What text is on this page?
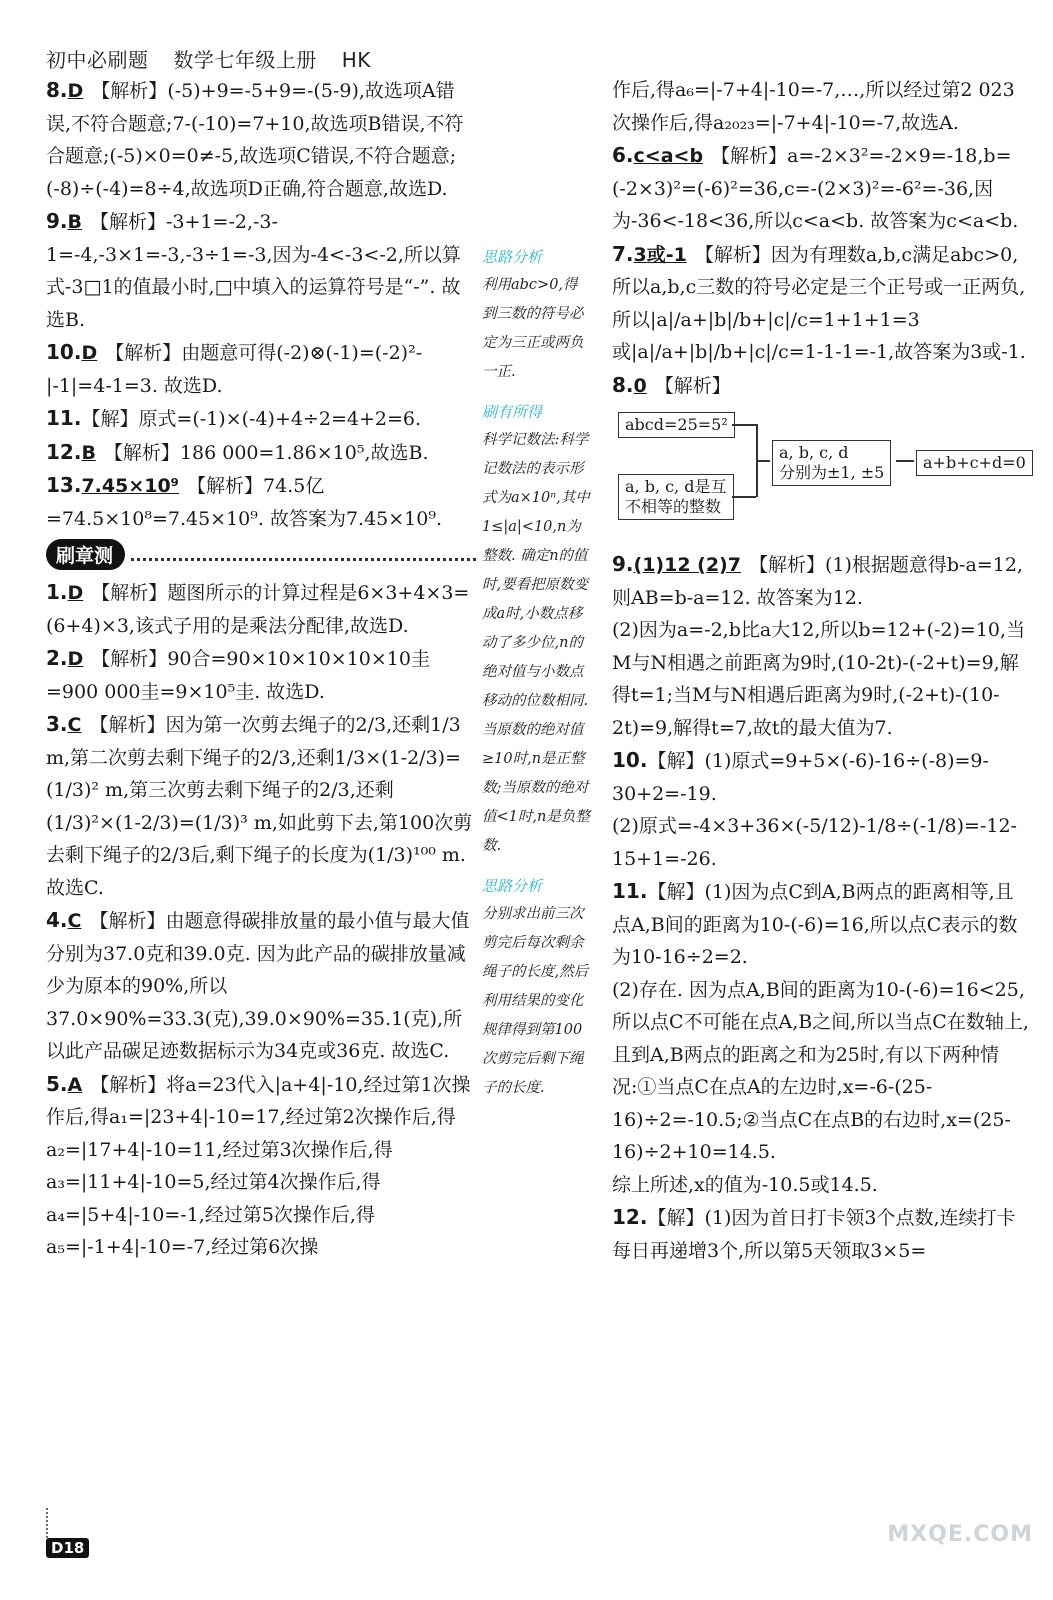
初中必刷题 数学七年级上册 HK
8.D 【解析】(-5)+9=-5+9=-(5-9),故选项A错误,不符合题意;7-(-10)=7+10,故选项B错误,不符合题意;(-5)×0=0≠-5,故选项C错误,不符合题意;(-8)÷(-4)=8÷4,故选项D正确,符合题意,故选D.
9.B 【解析】-3+1=-2,-3-1=-4,-3×1=-3,-3÷1=-3,因为-4<-3<-2,所以算式-3□1的值最小时,□中填入的运算符号是“-”. 故选B.
10.D 【解析】由题意可得(-2)⊗(-1)=(-2)²-|-1|=4-1=3. 故选D.
11.【解】原式=(-1)×(-4)+4÷2=4+2=6.
12.B 【解析】186 000=1.86×10⁵,故选B.
13.7.45×10⁹ 【解析】74.5亿=74.5×10⁸=7.45×10⁹. 故答案为7.45×10⁹.
刷章测
1.D 【解析】题图所示的计算过程是6×3+4×3=(6+4)×3,该式子用的是乘法分配律,故选D.
2.D 【解析】90合=90×10×10×10×10圭=900 000圭=9×10⁵圭. 故选D.
3.C 【解析】因为第一次剪去绳子的2/3,还剩1/3 m,第二次剪去剩下绳子的2/3,还剩1/3×(1-2/3)=(1/3)² m,第三次剪去剩下绳子的2/3,还剩(1/3)²×(1-2/3)=(1/3)³ m,如此剪下去,第100次剪去剩下绳子的2/3后,剩下绳子的长度为(1/3)¹⁰⁰ m. 故选C.
4.C 【解析】由题意得碳排放量的最小值与最大值分别为37.0克和39.0克. 因为此产品的碳排放量减少为原本的90%,所以37.0×90%=33.3(克),39.0×90%=35.1(克),所以此产品碳足迹数据标示为34克或36克. 故选C.
5.A 【解析】将a=23代入|a+4|-10,经过第1次操作后,得a₁=|23+4|-10=17,经过第2次操作后,得a₂=|17+4|-10=11,经过第3次操作后,得a₃=|11+4|-10=5,经过第4次操作后,得a₄=|5+4|-10=-1,经过第5次操作后,得a₅=|-1+4|-10=-7,经过第6次操
思路分析
利用abc>0,得到三数的符号必定为三正或两负一正.
刷有所得
科学记数法:科学记数法的表示形式为a×10ⁿ,其中1≤|a|<10,n为整数. 确定n的值时,要看把原数变成a时,小数点移动了多少位,n的绝对值与小数点移动的位数相同. 当原数的绝对值≥10时,n是正整数;当原数的绝对值<1时,n是负整数.
思路分析
分别求出前三次剪完后每次剩余绳子的长度,然后利用结果的变化规律得到第100次剪完后剩下绳子的长度.
作后,得a₆=|-7+4|-10=-7,…,所以经过第2 023次操作后,得a₂₀₂₃=|-7+4|-10=-7,故选A.
6.c<a<b 【解析】a=-2×3²=-2×9=-18,b=(-2×3)²=(-6)²=36,c=-(2×3)²=-6²=-36,因为-36<-18<36,所以c<a<b. 故答案为c<a<b.
7.3或-1 【解析】因为有理数a,b,c满足abc>0,所以a,b,c三数的符号必定是三个正号或一正两负,所以|a|/a+|b|/b+|c|/c=1+1+1=3或|a|/a+|b|/b+|c|/c=1-1-1=-1,故答案为3或-1.
8.0 【解析】
abcd=25=5²
a, b, c, d是互
不相等的整数
a, b, c, d
分别为±1, ±5
a+b+c+d=0
9.(1)12 (2)7 【解析】(1)根据题意得b-a=12,则AB=b-a=12. 故答案为12.
(2)因为a=-2,b比a大12,所以b=12+(-2)=10,当M与N相遇之前距离为9时,(10-2t)-(-2+t)=9,解得t=1;当M与N相遇后距离为9时,(-2+t)-(10-2t)=9,解得t=7,故t的最大值为7.
10.【解】(1)原式=9+5×(-6)-16÷(-8)=9-30+2=-19.
(2)原式=-4×3+36×(-5/12)-1/8÷(-1/8)=-12-15+1=-26.
11.【解】(1)因为点C到A,B两点的距离相等,且点A,B间的距离为10-(-6)=16,所以点C表示的数为10-16÷2=2.
(2)存在. 因为点A,B间的距离为10-(-6)=16<25,所以点C不可能在点A,B之间,所以当点C在数轴上,且到A,B两点的距离之和为25时,有以下两种情况:①当点C在点A的左边时,x=-6-(25-16)÷2=-10.5;②当点C在点B的右边时,x=(25-16)÷2+10=14.5.
综上所述,x的值为-10.5或14.5.
12.【解】(1)因为首日打卡领3个点数,连续打卡每日再递增3个,所以第5天领取3×5=
D18
MXQE.COM
